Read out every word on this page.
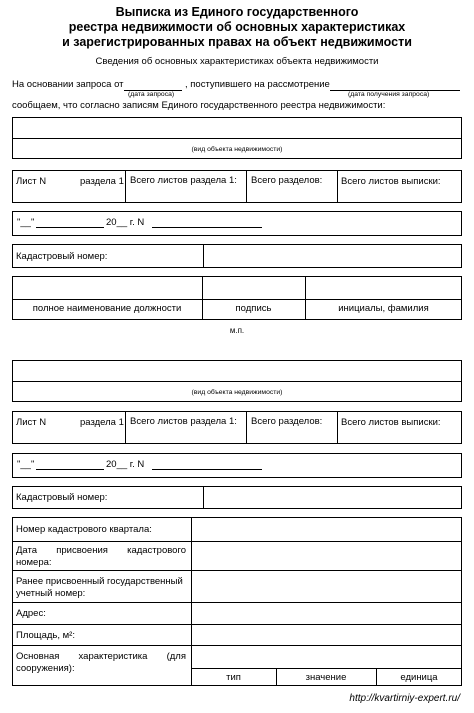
Выписка из Единого государственного
реестра недвижимости об основных характеристиках
и зарегистрированных правах на объект недвижимости
Сведения об основных характеристиках объекта недвижимости
На основании запроса от	, поступившего на рассмотрение
(дата запроса)	(дата получения запроса)
сообщаем, что согласно записям Единого государственного реестра недвижимости:
(вид объекта недвижимости)
Лист N	раздела 1 Всего листов раздела 1:	Всего разделов:	Всего листов выписки:
"__"	20__ г. N
Кадастровый номер:
полное наименование должности	подпись	инициалы, фамилия
м.п.
(вид объекта недвижимости)
Лист N	раздела 1 Всего листов раздела 1:	Всего разделов:	Всего листов выписки:
"__"	20__ г. N
Кадастровый номер:
Номер кадастрового квартала:
Дата присвоения кадастрового
номера:
Ранее присвоенный государственный
учетный номер:
Адрес:
Площадь, м²:
Основная характеристика (для
сооружения):
тип	значение	единица
http://kvartirniy-expert.ru/
